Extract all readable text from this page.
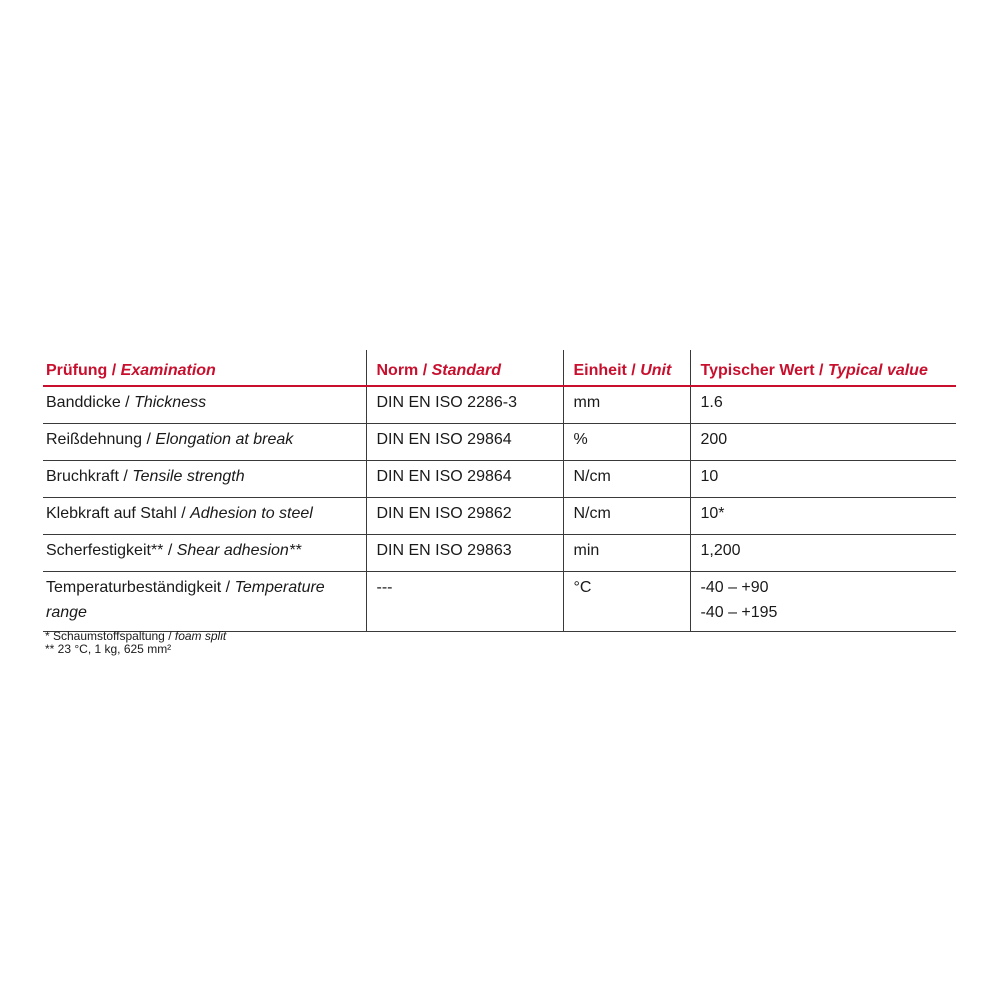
Prüfung / Examination	Norm / Standard	Einheit / Unit	Typischer Wert / Typical value
Banddicke / Thickness	DIN EN ISO 2286-3	mm	1.6
Reißdehnung / Elongation at break	DIN EN ISO 29864	%	200
Bruchkraft / Tensile strength	DIN EN ISO 29864	N/cm	10
Klebkraft auf Stahl / Adhesion to steel	DIN EN ISO 29862	N/cm	10*
Scherfestigkeit** / Shear adhesion**	DIN EN ISO 29863	min	1,200
Temperaturbeständigkeit / Temperature range	---	°C	-40 – +90
-40 – +195
* Schaumstoffspaltung / foam split
** 23 °C, 1 kg, 625 mm²
